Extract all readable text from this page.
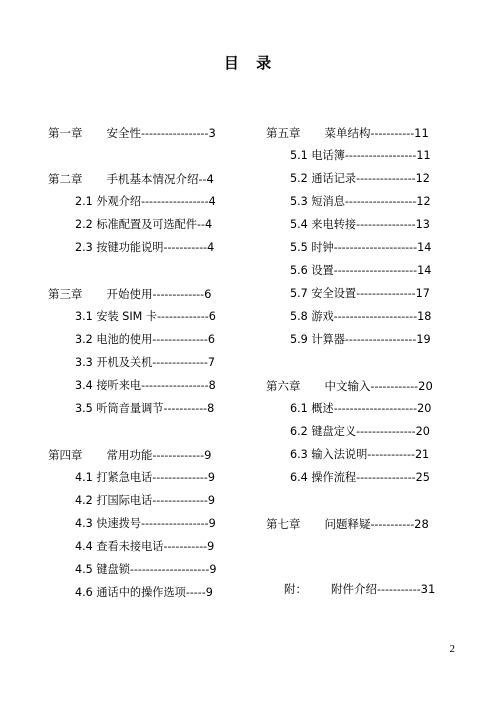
目 录
第一章 安全性 ----------------- 3
第二章 手机基本情况介绍 -- 4
2.1 外观介绍 ----------------- 4
2.2 标准配置及可选配件 -- 4
2.3 按键功能说明 ----------- 4
第三章 开始使用 ------------- 6
3.1 安装 SIM 卡 ------------- 6
3.2 电池的使用 -------------- 6
3.3 开机及关机 -------------- 7
3.4 接听来电 ----------------- 8
3.5 听筒音量调节 ----------- 8
第四章 常用功能 ------------- 9
4.1 打紧急电话 -------------- 9
4.2 打国际电话 -------------- 9
4.3 快速拨号 ----------------- 9
4.4 查看未接电话 ----------- 9
4.5 键盘锁 -------------------- 9
4.6 通话中的操作选项 ----- 9
第五章 菜单结构 ----------- 11
5.1 电话簿 ------------------ 11
5.2 通话记录 --------------- 12
5.3 短消息 ------------------ 12
5.4 来电转接 --------------- 13
5.5 时钟 --------------------- 14
5.6 设置 --------------------- 14
5.7 安全设置 --------------- 17
5.8 游戏 --------------------- 18
5.9 计算器 ------------------ 19
第六章 中文输入 ------------ 20
6.1 概述 --------------------- 20
6.2 键盘定义 --------------- 20
6.3 输入法说明 ------------ 21
6.4 操作流程 --------------- 25
第七章 问题释疑 ----------- 28
附： 附件介绍 ----------- 31
2
